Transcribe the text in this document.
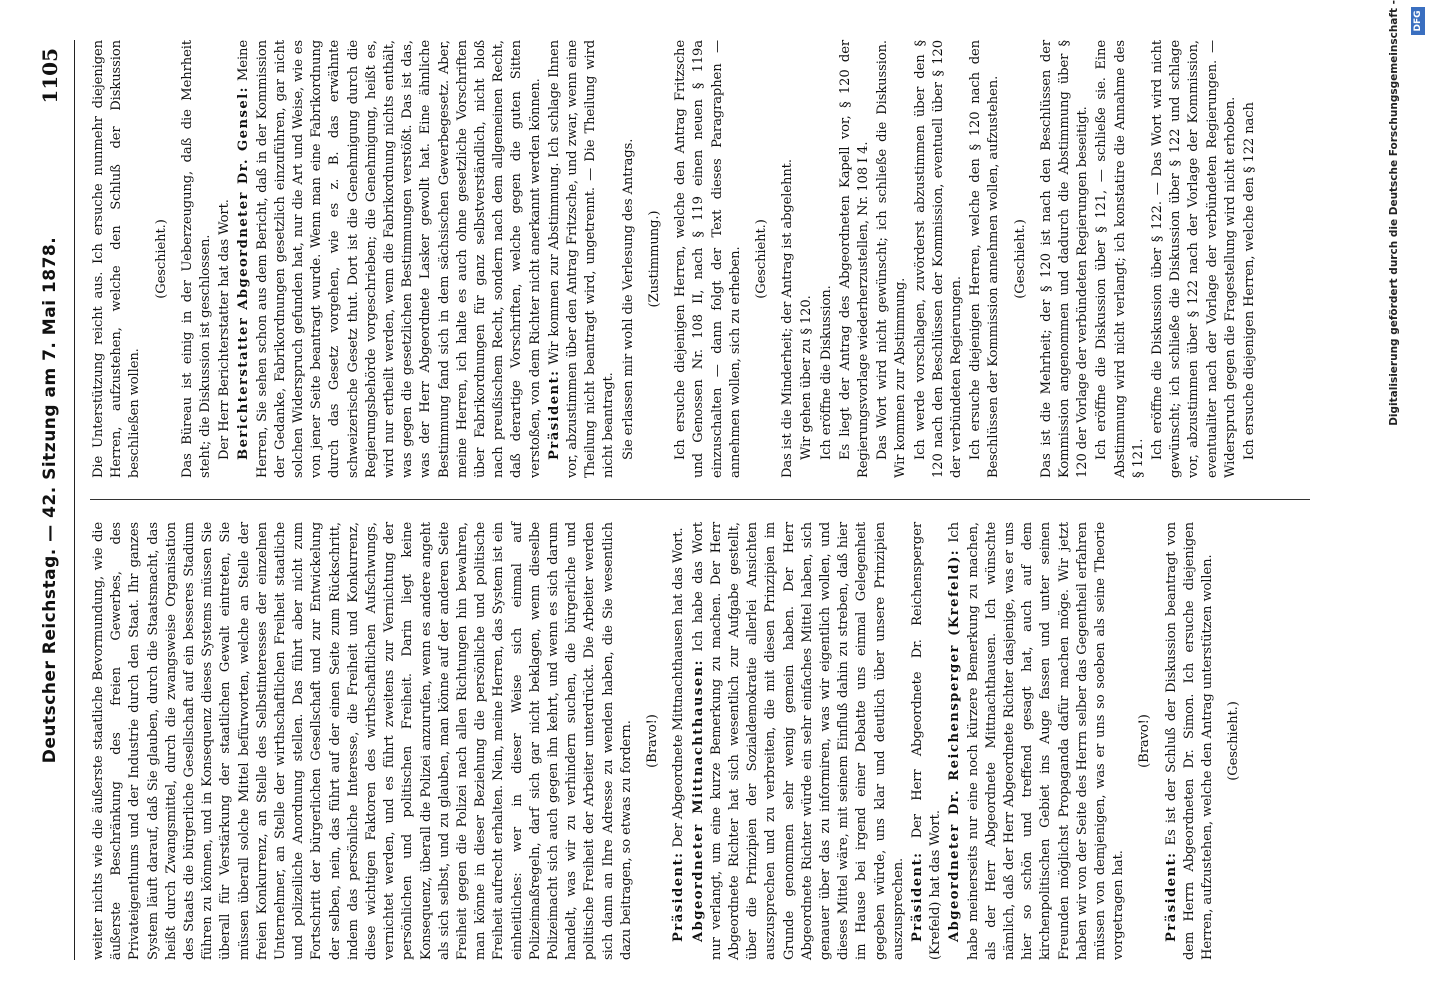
Deutscher Reichstag. — 42. Sitzung am 7. Mai 1878.
1105

weiter nichts wie die äußerste staatliche Bevormundung, wie die äußerste Beschränkung des freien Gewerbes, des Privateigenthums und der Industrie durch den Staat. Ihr ganzes System läuft darauf, daß Sie glauben, durch die Staatsmacht, das heißt durch Zwangsmittel, durch die zwangsweise Organisation des Staats die bürgerliche Gesellschaft auf ein besseres Stadium führen zu können, und in Konsequenz dieses Systems müssen Sie überall für Verstärkung der staatlichen Gewalt eintreten, Sie müssen überall solche Mittel befürworten, welche an Stelle der freien Konkurrenz, an Stelle des Selbstinteresses der einzelnen Unternehmer, an Stelle der wirthschaftlichen Freiheit staatliche und polizeiliche Anordnung stellen. Das führt aber nicht zum Fortschritt der bürgerlichen Gesellschaft und zur Entwickelung der selben, nein, das führt auf der einen Seite zum Rückschritt, indem das persönliche Interesse, die Freiheit und Konkurrenz, diese wichtigen Faktoren des wirthschaftlichen Aufschwungs, vernichtet werden, und es führt zweitens zur Vernichtung der persönlichen und politischen Freiheit. Darin liegt keine Konsequenz, überall die Polizei anzurufen, wenn es andere angeht als sich selbst, und zu glauben, man könne auf der anderen Seite Freiheit gegen die Polizei nach allen Richtungen hin bewahren, man könne in dieser Beziehung die persönliche und politische Freiheit aufrecht erhalten. Nein, meine Herren, das System ist ein einheitliches: wer in dieser Weise sich einmal auf Polizeimaßregeln, darf sich gar nicht beklagen, wenn dieselbe Polizeimacht sich auch gegen ihn kehrt, und wenn es sich darum handelt, was wir zu verhindern suchen, die bürgerliche und politische Freiheit der Arbeiter unterdrückt. Die Arbeiter werden sich dann an Ihre Adresse zu wenden haben, die Sie wesentlich dazu beitragen, so etwas zu fordern. (Bravo!)

Präsident: Der Abgeordnete Mittnachthausen hat das Wort. Abgeordneter Mittnachthausen: Ich habe das Wort nur verlangt, um eine kurze Bemerkung zu machen. Der Herr Abgeordnete Richter hat sich wesentlich zur Aufgabe gestellt, über die Prinzipien der Sozialdemokratie allerlei Ansichten auszusprechen und zu verbreiten, die mit diesen Prinzipien im Grunde genommen sehr wenig gemein haben. Der Herr Abgeordnete Richter würde ein sehr einfaches Mittel haben, sich genauer über das zu informiren, was wir eigentlich wollen, und dieses Mittel wäre, mit seinem Einfluß dahin zu streben, daß hier im Hause bei irgend einer Debatte uns einmal Gelegenheit gegeben würde, uns klar und deutlich über unsere Prinzipien auszusprechen. Präsident: Der Herr Abgeordnete Dr. Reichensperger (Krefeld) hat das Wort. Abgeordneter Dr. Reichensperger (Krefeld): Ich habe meinerseits nur eine noch kürzere Bemerkung zu machen, als der Herr Abgeordnete Mittnachthausen. Ich wünschte nämlich, daß der Herr Abgeordnete Richter dasjenige, was er uns hier so schön und treffend gesagt hat, auch auf dem kirchenpolitischen Gebiet ins Auge fassen und unter seinen Freunden möglichst Propaganda dafür machen möge. Wir jetzt haben wir von der Seite des Herrn selber das Gegentheil erfahren müssen von demjenigen, was er uns so soeben als seine Theorie vorgetragen hat.

(Bravo!)

Präsident: Es ist der Schluß der Diskussion beantragt von dem Herrn Abgeordneten Dr. Simon. Ich ersuche diejenigen Herren, aufzustehen, welche den Antrag unterstützen wollen. (Geschieht.)

Die Unterstützung reicht aus. Ich ersuche nunmehr diejenigen Herren, aufzustehen, welche den Schluß der Diskussion beschließen wollen.

(Geschieht.) Das Büreau ist einig in der Ueberzeugung, daß die Mehrheit steht; die Diskussion ist geschlossen. Der Herr Berichterstatter hat das Wort. Berichterstatter Abgeordneter Dr. Gensel: Meine Herren, Sie sehen schon aus dem Bericht, daß in der Kommission der Gedanke, Fabrikordnungen gesetzlich einzuführen, gar nicht solchen Widerspruch gefunden hat, nur die Art und Weise, wie es von jener Seite beantragt wurde. Wenn man eine Fabrikordnung durch das Gesetz vorgehen, wie es z. B. das erwähnte schweizerische Gesetz thut. Dort ist die Genehmigung durch die Regierungsbehörde vorgeschrieben; die Genehmigung, heißt es, wird nur ertheilt werden, wenn die Fabrikordnung nichts enthält, was gegen die gesetzlichen Bestimmungen verstößt. Das ist das, was der Herr Abgeordnete Lasker gewollt hat. Eine ähnliche Bestimmung fand sich in dem sächsischen Gewerbegesetz. Aber, meine Herren, ich halte es auch ohne gesetzliche Vorschriften über Fabrikordnungen für ganz selbstverständlich, nicht bloß nach preußischem Recht, sondern nach dem allgemeinen Recht, daß derartige Vorschriften, welche gegen die guten Sitten verstoßen, von dem Richter nicht anerkannt werden können. Präsident: Wir kommen zur Abstimmung. Ich schlage Ihnen vor, abzustimmen über den Antrag Fritzsche, und zwar, wenn eine Theilung nicht beantragt wird, ungetrennt. — Die Theilung wird nicht beantragt. Sie erlassen mir wohl die Verlesung des Antrags. (Zustimmung.) Ich ersuche diejenigen Herren, welche den Antrag Fritzsche und Genossen Nr. 108 II, nach § 119 einen neuen § 119a einzuschalten — dann folgt der Text dieses Paragraphen — annehmen wollen, sich zu erheben. (Geschieht.) Das ist die Minderheit; der Antrag ist abgelehnt. Wir gehen über zu § 120. Ich eröffne die Diskussion. Es liegt der Antrag des Abgeordneten Kapell vor, § 120 der Regierungsvorlage wiederherzustellen, Nr. 108 I 4. Das Wort wird nicht gewünscht; ich schließe die Diskussion. Wir kommen zur Abstimmung. Ich werde vorschlagen, zuvörderst abzustimmen über den § 120 nach den Beschlüssen der Kommission, eventuell über § 120 der verbündeten Regierungen. Ich ersuche diejenigen Herren, welche den § 120 nach den Beschlüssen der Kommission annehmen wollen, aufzustehen. (Geschieht.) Das ist die Mehrheit; der § 120 ist nach den Beschlüssen der Kommission angenommen und dadurch die Abstimmung über § 120 der Vorlage der verbündeten Regierungen beseitigt. Ich eröffne die Diskussion über § 121, — schließe sie. Eine Abstimmung wird nicht verlangt; ich konstatire die Annahme des § 121. Ich eröffne die Diskussion über § 122. — Das Wort wird nicht gewünscht; ich schließe die Diskussion über § 122 und schlage vor, abzustimmen über § 122 nach der Vorlage der Kommission, eventualiter nach der Vorlage der verbündeten Regierungen. — Widerspruch gegen die Fragestellung wird nicht erhoben. Ich ersuche diejenigen Herren, welche den § 122 nach	Digitalisierung gefördert durch die Deutsche Forschungsgemeinschaft - DFG
